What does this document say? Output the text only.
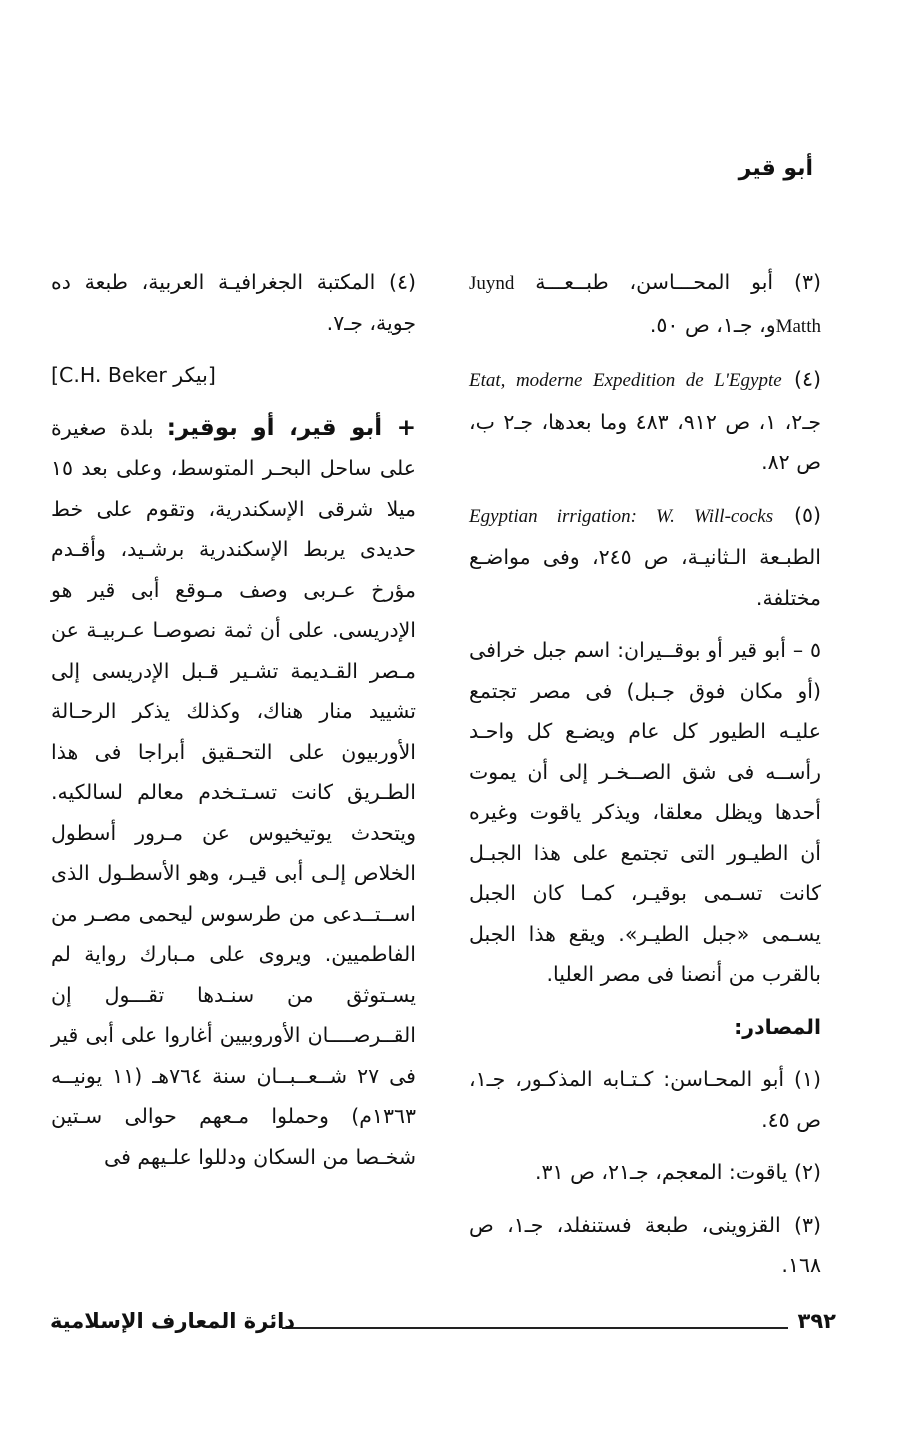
أبو قير

(٣) أبو المحـــاسن، طبــعـــة Juynd Matthو، جـ١، ص ٥٠.

(٤) Etat, moderne Expedition de L'Egypte جـ٢، ١، ص ٩١٢، ٤٨٣ وما بعدها، جـ٢ ب، ص ٨٢.

(٥) Egyptian irrigation: W. Will-cocks الطبـعة الـثانيـة، ص ٢٤٥، وفى مواضـع مختلفة.

٥ – أبو قير أو بوقــيران: اسم جبل خرافى (أو مكان فوق جـبل) فى مصر تجتمع عليـه الطيور كل عام ويضـع كل واحـد رأســه فى شق الصــخـر إلى أن يموت أحدها ويظل معلقا، ويذكر ياقوت وغيره أن الطيـور التى تجتمع على هذا الجبـل كانت تسـمى بوقيـر، كمـا كان الجبل يسـمى «جبل الطيـر». ويقع هذا الجبل بالقرب من أنصنا فى مصر العليا.

المصادر:

(١) أبو المحـاسن: كـتـابه المذكـور، جـ١، ص ٤٥.

(٢) ياقوت: المعجم، جـ٢١، ص ٣١.

(٣) القزوينى، طبعة فستنفلد، جـ١، ص ١٦٨.

(٤) المكتبة الجغرافيـة العربية، طبعة ده جوية، جـ٧.

[بيكر C.H. Beker]

+ أبو قير، أو بوقير: بلدة صغيرة على ساحل البحـر المتوسط، وعلى بعد ١٥ ميلا شرقى الإسكندرية، وتقوم على خط حديدى يربط الإسكندرية برشـيد، وأقـدم مؤرخ عـربى وصف مـوقع أبى قير هو الإدريسى. على أن ثمة نصوصـا عـربيـة عن مـصر القـديمة تشـير قـبل الإدريسى إلى تشييد منار هناك، وكذلك يذكر الرحـالة الأوربيون على التحـقيق أبراجا فى هذا الطـريق كانت تسـتـخدم معالم لسالكيه. ويتحدث يوتيخيوس عن مـرور أسطول الخلاص إلـى أبى قيـر، وهو الأسطـول الذى اســتــدعى من طرسوس ليحمى مصـر من الفاطميين. ويروى على مـبارك رواية لم يسـتوثق من سنـدها تقـــول إن القــرصــــان الأوروبيين أغاروا على أبى قير فى ٢٧ شــعــبــان سنة ٧٦٤هـ (١١ يونيــه ١٣٦٣م) وحملوا مـعهم حوالى سـتين شخـصا من السكان ودللوا علـيهم فى

٣٩٢
دائرة المعارف الإسلامية
